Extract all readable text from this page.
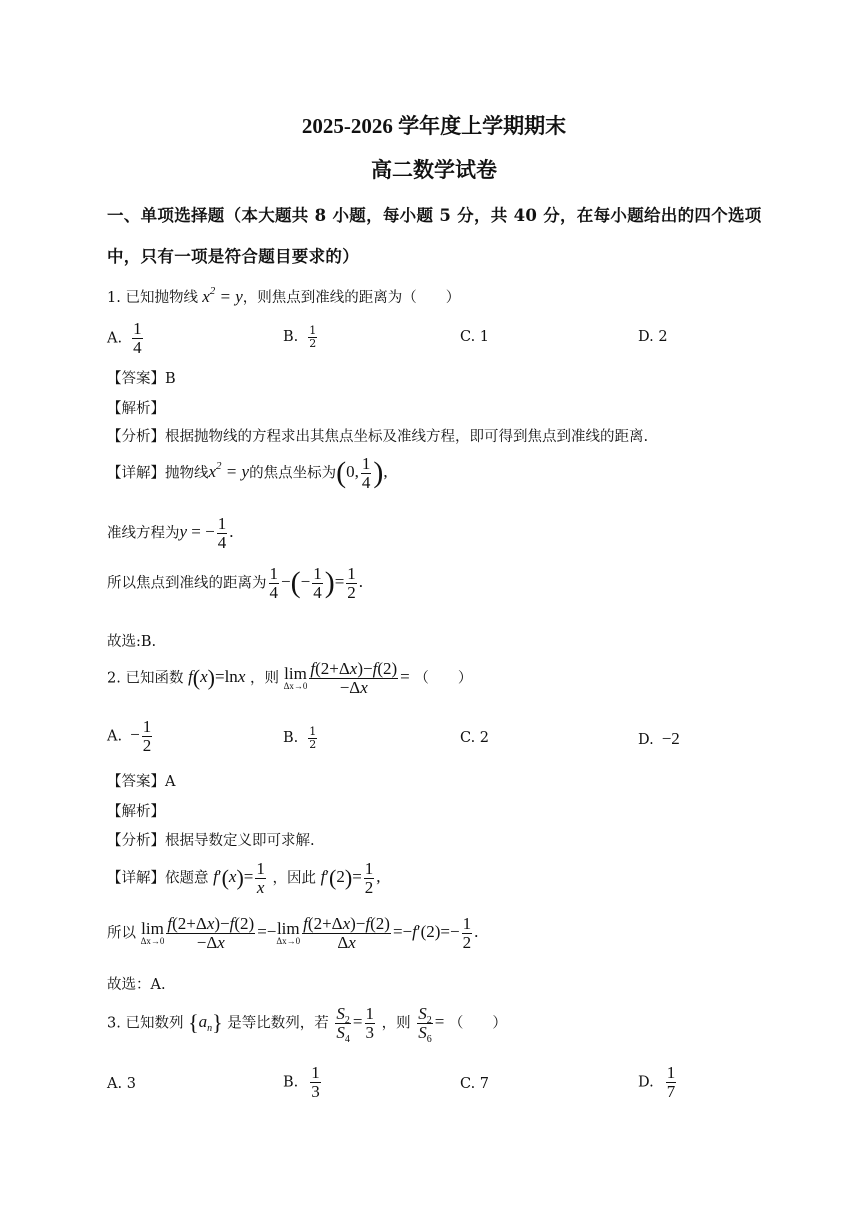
2025-2026 学年度上学期期末
高二数学试卷
一、单项选择题（本大题共 8 小题，每小题 5 分，共 40 分，在每小题给出的四个选项
中，只有一项是符合题目要求的）
1. 已知抛物线 $x^2 = y$，则焦点到准线的距离为（　　）
A. $\frac{1}{4}$	B. $\frac{1}{2}$	C. 1	D. 2
【答案】B
【解析】
【分析】根据抛物线的方程求出其焦点坐标及准线方程，即可得到焦点到准线的距离.
【详解】抛物线$x^2 = y$的焦点坐标为(0, $\frac{1}{4}$ ),
准线方程为y = − $\frac{1}{4}$ .
所以焦点到准线的距离为 $\frac{1}{4}$ −(− $\frac{1}{4}$ )= $\frac{1}{2}$ .
故选:B.
2. 已知函数 f(x)=lnx ，则 lim
$\Delta x\to 0 \frac{f(2+\Delta x)-f(2)}{-\Delta x}$ = （　　）
A. − $\frac{1}{2}$	B. $\frac{1}{2}$	C. 2	D. −2
【答案】A
【解析】
【分析】根据导数定义即可求解.
【详解】依题意 $f'(x)= \frac{1}{x}$ ，因此 $f'(2)= \frac{1}{2}$ ,
所以 lim
$\Delta x\to 0 \frac{f(2+\Delta x)-f(2)}{-\Delta x} =- \lim$
$\Delta x\to 0 \frac{f(2+\Delta x)-f(2)}{\Delta x} =-f'(2)=- \frac{1}{2}$ .
故选：A.
3. 已知数列 $\{a_n\}$ 是等比数列，若 $\frac{S_2}{S_4} = \frac{1}{3}$ ，则 $\frac{S_2}{S_6}$ = （　　）
A. 3	B. $\frac{1}{3}$	C. 7	D. $\frac{1}{7}$
